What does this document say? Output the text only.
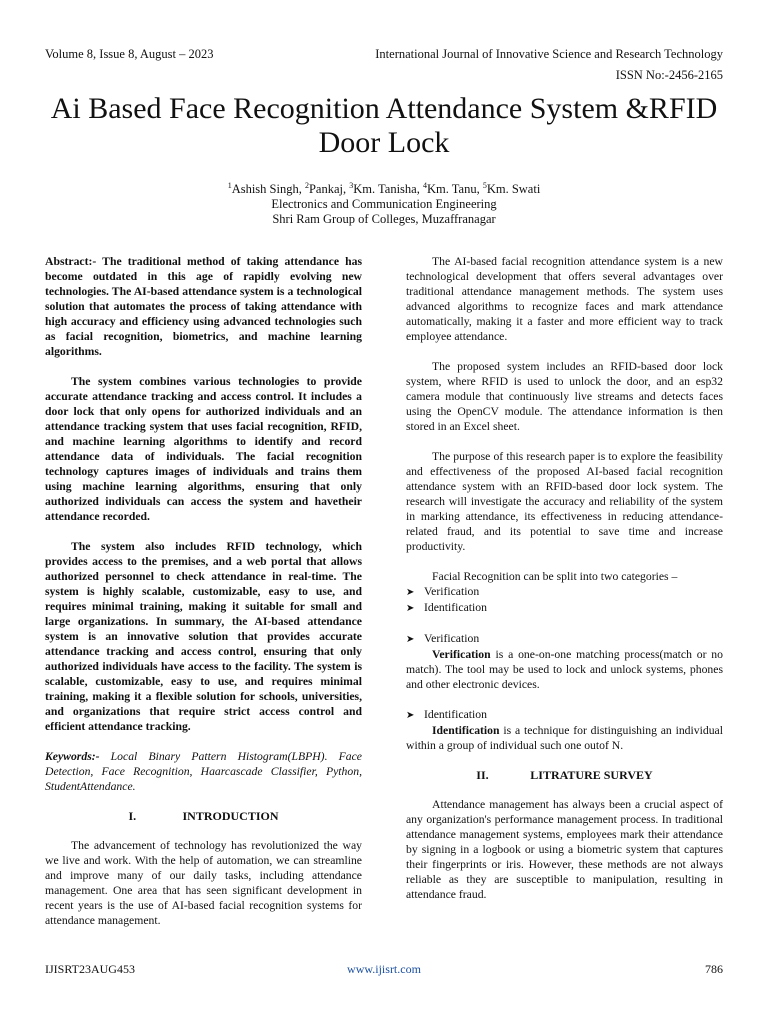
Volume 8, Issue 8, August – 2023	International Journal of Innovative Science and Research Technology
ISSN No:-2456-2165
Ai Based Face Recognition Attendance System &RFID Door Lock
$^1$Ashish Singh, $^2$Pankaj, $^3$Km. Tanisha, $^4$Km. Tanu, $^5$Km. Swati
Electronics and Communication Engineering
Shri Ram Group of Colleges, Muzaffranagar

Abstract:- The traditional method of taking attendance has become outdated in this age of rapidly evolving new technologies. The AI-based attendance system is a technological solution that automates the process of taking attendance with high accuracy and efficiency using advanced technologies such as facial recognition, biometrics, and machine learning algorithms.

The system combines various technologies to provide accurate attendance tracking and access control. It includes a door lock that only opens for authorized individuals and an attendance tracking system that uses facial recognition, RFID, and machine learning algorithms to identify and record attendance data of individuals. The facial recognition technology captures images of individuals and trains them using machine learning algorithms, ensuring that only authorized individuals can access the system and havetheir attendance recorded.

The system also includes RFID technology, which provides access to the premises, and a web portal that allows authorized personnel to check attendance in real-time. The system is highly scalable, customizable, easy to use, and requires minimal training, making it suitable for small and large organizations. In summary, the AI-based attendance system is an innovative solution that provides accurate attendance tracking and access control, ensuring that only authorized individuals have access to the facility. The system is scalable, customizable, easy to use, and requires minimal training, making it a flexible solution for schools, universities, and organizations that require strict access control and efficient attendance tracking.

Keywords:- Local Binary Pattern Histogram(LBPH). Face Detection, Face Recognition, Haarcascade Classifier, Python, StudentAttendance.

I.	INTRODUCTION

The advancement of technology has revolutionized the way we live and work. With the help of automation, we can streamline and improve many of our daily tasks, including attendance management. One area that has seen significant development in recent years is the use of AI-based facial recognition systems for attendance management.

The AI-based facial recognition attendance system is a new technological development that offers several advantages over traditional attendance management methods. The system uses advanced algorithms to recognize faces and mark attendance automatically, making it a faster and more efficient way to track employee attendance.

The proposed system includes an RFID-based door lock system, where RFID is used to unlock the door, and an esp32 camera module that continuously live streams and detects faces using the OpenCV module. The attendance information is then stored in an Excel sheet.

The purpose of this research paper is to explore the feasibility and effectiveness of the proposed AI-based facial recognition attendance system with an RFID-based door lock system. The research will investigate the accuracy and reliability of the system in marking attendance, its effectiveness in reducing attendance- related fraud, and its potential to save time and increase productivity.

Facial Recognition can be split into two categories –

➤ Verification
➤ Identification
➤ Verification

Verification is a one-on-one matching process(match or no match). The tool may be used to lock and unlock systems, phones and other electronic devices.

➤ Identification

Identification is a technique for distinguishing an individual within a group of individual such one outof N.

II.	LITRATURE SURVEY

Attendance management has always been a crucial aspect of any organization's performance management process. In traditional attendance management systems, employees mark their attendance by signing in a logbook or using a biometric system that captures their fingerprints or iris. However, these methods are not always reliable as they are susceptible to manipulation, resulting in attendance fraud.

IJISRT23AUG453	www.ijisrt.com	786
